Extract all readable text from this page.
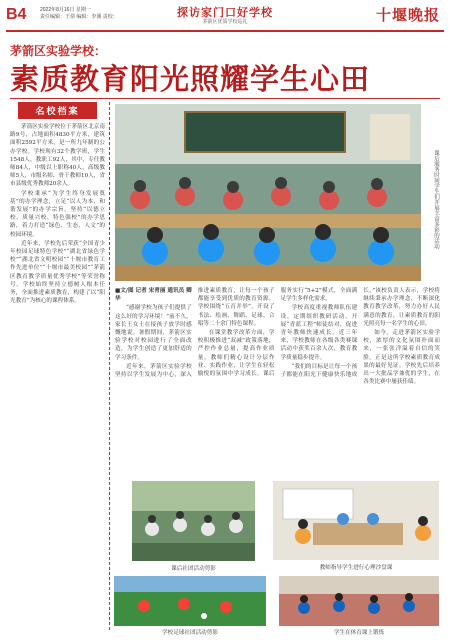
B4	2022年8月16日 星期一
责任编辑：王倩 编辑：李溪 责校：	探访家门口好学校
茅箭区优质学校巡礼	十堰晚报
茅箭区实验学校：
素质教育阳光照耀学生心田
名校档案

茅箭区实验学校位于茅箭区北京南路9号，占地面积4830平方米，建筑面积2592平方米，是一所九年制的公办学校。学校现有32个教学班，学生1548人，教职工92人，其中，专任教师84人，中级以上职称40人，高级教师5人，市级名师、骨干教师10人，省市县级优秀教师20余人。

学校秉承“为学生终身发展奠基”的办学理念，立足“以人为本、和谐发展”的办学宗旨，坚持“以德立校、质量兴校、特色强校”的办学思路，着力打造“绿色、生态、人文”的校园环境。

近年来，学校先后荣获“全国青少年校园足球特色学校”“湖北省绿色学校”“湖北省文明校园”“十堰市教育工作先进单位”“十堰市最美校园”“茅箭区教育教学质量优秀学校”等荣誉称号。学校始终坚持立德树人根本任务，全面推进素质教育，构建了以“阳光教育”为核心的课程体系。

课后服务时间学生们开展丰富多彩的活动

■文/图 记者 宋青丽 通讯员 卿华

“感谢学校为孩子们提供了这么好的学习环境！”前不久，家长王女士在接孩子放学时感慨地说。暑假期间，茅箭区实验学校对校园进行了全面改造，为学生创造了更加舒适的学习条件。

近年来，茅箭区实验学校坚持以学生发展为中心，深入推进素质教育，让每一个孩子都能享受到优质的教育资源。学校围绕“五育并举”，开设了书法、绘画、舞蹈、足球、合唱等二十余门特色课程。

在课堂教学改革方面，学校积极推进“双减”政策落地，严控作业总量，提高作业质量。教师们精心设计分层作业、实践作业，让学生在轻松愉悦的氛围中学习成长。课后服务实行“5+2”模式，全面满足学生多样化需求。

学校高度重视教师队伍建设，定期组织教研活动，开展“青蓝工程”师徒结对，促进青年教师快速成长。近三年来，学校教师在各级各类赛课活动中获奖百余人次，教育教学质量稳步提升。

“我们的目标是让每一个孩子都能在阳光下健康快乐地成长。”该校负责人表示，学校将继续秉承办学理念，不断深化教育教学改革，努力办好人民满意的教育，让素质教育的阳光照亮每一名学生的心田。

如今，走进茅箭区实验学校，浓厚的文化氛围扑面而来，一张张洋溢着自信的笑脸，正是这所学校素质教育成果的最好见证。学校先后培养出一大批品学兼优的学生，在各类比赛中屡获佳绩。

课后社团活动剪影	教师指导学生进行心理沙盘课
学校足球社团活动剪影	学生在体育课上锻炼
